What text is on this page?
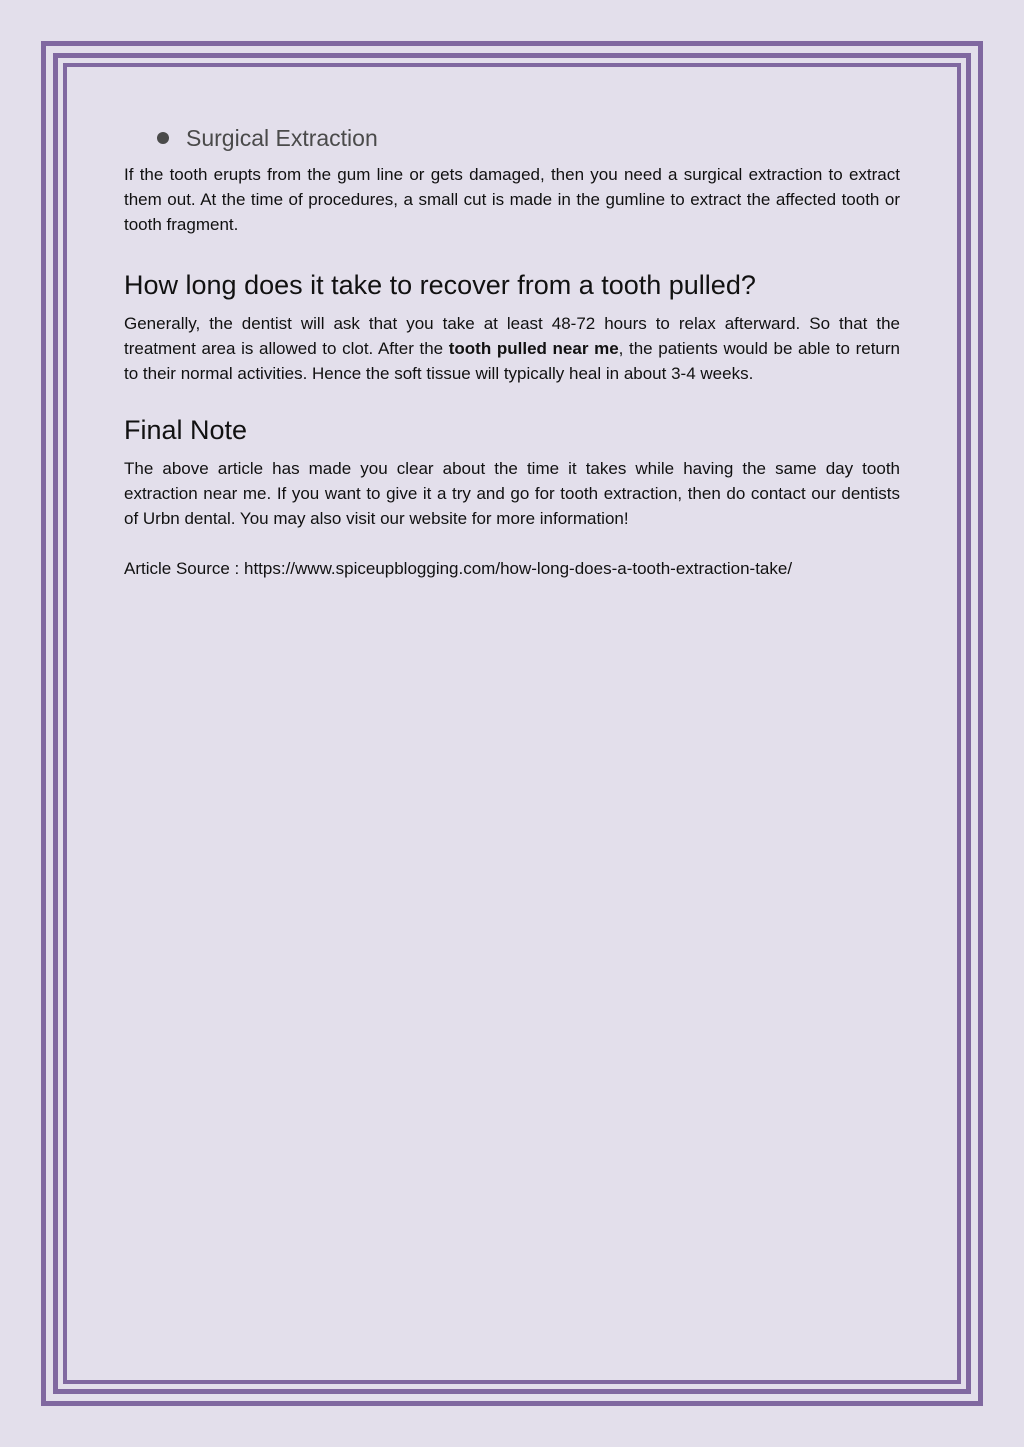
Surgical Extraction

If the tooth erupts from the gum line or gets damaged, then you need a surgical extraction to extract them out. At the time of procedures, a small cut is made in the gumline to extract the affected tooth or tooth fragment.

How long does it take to recover from a tooth pulled?

Generally, the dentist will ask that you take at least 48-72 hours to relax afterward. So that the treatment area is allowed to clot. After the tooth pulled near me, the patients would be able to return to their normal activities. Hence the soft tissue will typically heal in about 3-4 weeks.

Final Note

The above article has made you clear about the time it takes while having the same day tooth extraction near me. If you want to give it a try and go for tooth extraction, then do contact our dentists of Urbn dental. You may also visit our website for more information!

Article Source : https://www.spiceupblogging.com/how-long-does-a-tooth-extraction-take/
